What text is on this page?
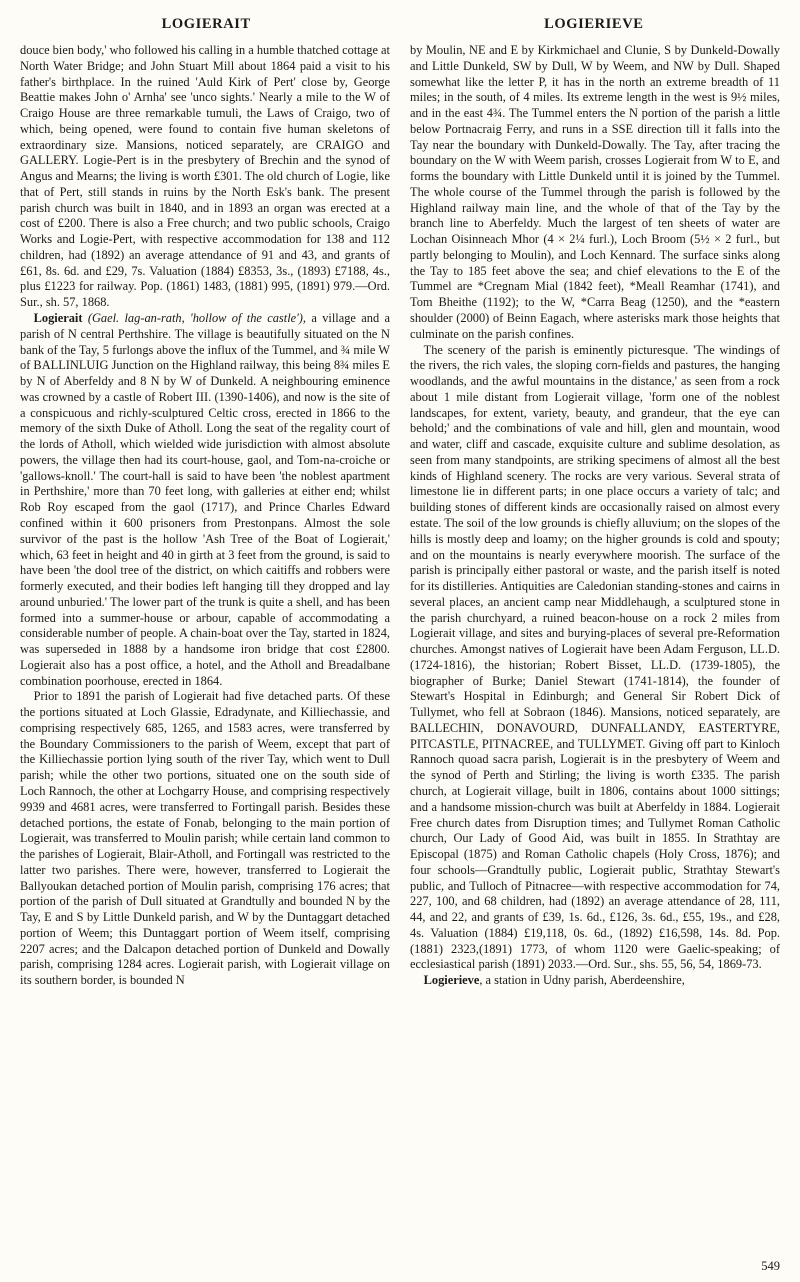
LOGIERAIT	LOGIERIEVE

douce bien body,' who followed his calling in a humble thatched cottage at North Water Bridge; and John Stuart Mill about 1864 paid a visit to his father's birthplace. In the ruined 'Auld Kirk of Pert' close by, George Beattie makes John o' Arnha' see 'unco sights.' Nearly a mile to the W of Craigo House are three remarkable tumuli, the Laws of Craigo, two of which, being opened, were found to contain five human skeletons of extraordinary size. Mansions, noticed separately, are CRAIGO and GALLERY. Logie-Pert is in the presbytery of Brechin and the synod of Angus and Mearns; the living is worth £301. The old church of Logie, like that of Pert, still stands in ruins by the North Esk's bank. The present parish church was built in 1840, and in 1893 an organ was erected at a cost of £200. There is also a Free church; and two public schools, Craigo Works and Logie-Pert, with respective accommodation for 138 and 112 children, had (1892) an average attendance of 91 and 43, and grants of £61, 8s. 6d. and £29, 7s. Valuation (1884) £8353, 3s., (1893) £7188, 4s., plus £1223 for railway. Pop. (1861) 1483, (1881) 995, (1891) 979.—Ord. Sur., sh. 57, 1868.

Logierait (Gael. lag-an-rath, 'hollow of the castle'), a village and a parish of N central Perthshire. The village is beautifully situated on the N bank of the Tay, 5 furlongs above the influx of the Tummel, and ¾ mile W of BALLINLUIG Junction on the Highland railway, this being 8¾ miles E by N of Aberfeldy and 8 N by W of Dunkeld. A neighbouring eminence was crowned by a castle of Robert III. (1390-1406), and now is the site of a conspicuous and richly-sculptured Celtic cross, erected in 1866 to the memory of the sixth Duke of Atholl. Long the seat of the regality court of the lords of Atholl, which wielded wide jurisdiction with almost absolute powers, the village then had its court-house, gaol, and Tom-na-croiche or 'gallows-knoll.' The court-hall is said to have been 'the noblest apartment in Perthshire,' more than 70 feet long, with galleries at either end; whilst Rob Roy escaped from the gaol (1717), and Prince Charles Edward confined within it 600 prisoners from Prestonpans. Almost the sole survivor of the past is the hollow 'Ash Tree of the Boat of Logierait,' which, 63 feet in height and 40 in girth at 3 feet from the ground, is said to have been 'the dool tree of the district, on which caitiffs and robbers were formerly executed, and their bodies left hanging till they dropped and lay around unburied.' The lower part of the trunk is quite a shell, and has been formed into a summer-house or arbour, capable of accommodating a considerable number of people. A chain-boat over the Tay, started in 1824, was superseded in 1888 by a handsome iron bridge that cost £2800. Logierait also has a post office, a hotel, and the Atholl and Breadalbane combination poorhouse, erected in 1864.

Prior to 1891 the parish of Logierait had five detached parts. Of these the portions situated at Loch Glassie, Edradynate, and Killiechassie, and comprising respectively 685, 1265, and 1583 acres, were transferred by the Boundary Commissioners to the parish of Weem, except that part of the Killiechassie portion lying south of the river Tay, which went to Dull parish; while the other two portions, situated one on the south side of Loch Rannoch, the other at Lochgarry House, and comprising respectively 9939 and 4681 acres, were transferred to Fortingall parish. Besides these detached portions, the estate of Fonab, belonging to the main portion of Logierait, was transferred to Moulin parish; while certain land common to the parishes of Logierait, Blair-Atholl, and Fortingall was restricted to the latter two parishes. There were, however, transferred to Logierait the Ballyoukan detached portion of Moulin parish, comprising 176 acres; that portion of the parish of Dull situated at Grandtully and bounded N by the Tay, E and S by Little Dunkeld parish, and W by the Duntaggart detached portion of Weem; this Duntaggart portion of Weem itself, comprising 2207 acres; and the Dalcapon detached portion of Dunkeld and Dowally parish, comprising 1284 acres. Logierait parish, with Logierait village on its southern border, is bounded N

by Moulin, NE and E by Kirkmichael and Clunie, S by Dunkeld-Dowally and Little Dunkeld, SW by Dull, W by Weem, and NW by Dull. Shaped somewhat like the letter P, it has in the north an extreme breadth of 11 miles; in the south, of 4 miles. Its extreme length in the west is 9½ miles, and in the east 4¾. The Tummel enters the N portion of the parish a little below Portnacraig Ferry, and runs in a SSE direction till it falls into the Tay near the boundary with Dunkeld-Dowally. The Tay, after tracing the boundary on the W with Weem parish, crosses Logierait from W to E, and forms the boundary with Little Dunkeld until it is joined by the Tummel. The whole course of the Tummel through the parish is followed by the Highland railway main line, and the whole of that of the Tay by the branch line to Aberfeldy. Much the largest of ten sheets of water are Lochan Oisinneach Mhor (4 × 2¼ furl.), Loch Broom (5½ × 2 furl., but partly belonging to Moulin), and Loch Kennard. The surface sinks along the Tay to 185 feet above the sea; and chief elevations to the E of the Tummel are *Cregnam Mial (1842 feet), *Meall Reamhar (1741), and Tom Bheithe (1192); to the W, *Carra Beag (1250), and the *eastern shoulder (2000) of Beinn Eagach, where asterisks mark those heights that culminate on the parish confines.

The scenery of the parish is eminently picturesque. 'The windings of the rivers, the rich vales, the sloping corn-fields and pastures, the hanging woodlands, and the awful mountains in the distance,' as seen from a rock about 1 mile distant from Logierait village, 'form one of the noblest landscapes, for extent, variety, beauty, and grandeur, that the eye can behold;' and the combinations of vale and hill, glen and mountain, wood and water, cliff and cascade, exquisite culture and sublime desolation, as seen from many standpoints, are striking specimens of almost all the best kinds of Highland scenery. The rocks are very various. Several strata of limestone lie in different parts; in one place occurs a variety of talc; and building stones of different kinds are occasionally raised on almost every estate. The soil of the low grounds is chiefly alluvium; on the slopes of the hills is mostly deep and loamy; on the higher grounds is cold and spouty; and on the mountains is nearly everywhere moorish. The surface of the parish is principally either pastoral or waste, and the parish itself is noted for its distilleries. Antiquities are Caledonian standing-stones and cairns in several places, an ancient camp near Middlehaugh, a sculptured stone in the parish churchyard, a ruined beacon-house on a rock 2 miles from Logierait village, and sites and burying-places of several pre-Reformation churches. Amongst natives of Logierait have been Adam Ferguson, LL.D. (1724-1816), the historian; Robert Bisset, LL.D. (1739-1805), the biographer of Burke; Daniel Stewart (1741-1814), the founder of Stewart's Hospital in Edinburgh; and General Sir Robert Dick of Tullymet, who fell at Sobraon (1846). Mansions, noticed separately, are BALLECHIN, DONAVOURD, DUNFALLANDY, EASTERTYRE, PITCASTLE, PITNACREE, and TULLYMET. Giving off part to Kinloch Rannoch quoad sacra parish, Logierait is in the presbytery of Weem and the synod of Perth and Stirling; the living is worth £335. The parish church, at Logierait village, built in 1806, contains about 1000 sittings; and a handsome mission-church was built at Aberfeldy in 1884. Logierait Free church dates from Disruption times; and Tullymet Roman Catholic church, Our Lady of Good Aid, was built in 1855. In Strathtay are Episcopal (1875) and Roman Catholic chapels (Holy Cross, 1876); and four schools—Grandtully public, Logierait public, Strathtay Stewart's public, and Tulloch of Pitnacree—with respective accommodation for 74, 227, 100, and 68 children, had (1892) an average attendance of 28, 111, 44, and 22, and grants of £39, 1s. 6d., £126, 3s. 6d., £55, 19s., and £28, 4s. Valuation (1884) £19,118, 0s. 6d., (1892) £16,598, 14s. 8d. Pop. (1881) 2323,(1891) 1773, of whom 1120 were Gaelic-speaking; of ecclesiastical parish (1891) 2033.—Ord. Sur., shs. 55, 56, 54, 1869-73.

Logierieve, a station in Udny parish, Aberdeenshire,

549
